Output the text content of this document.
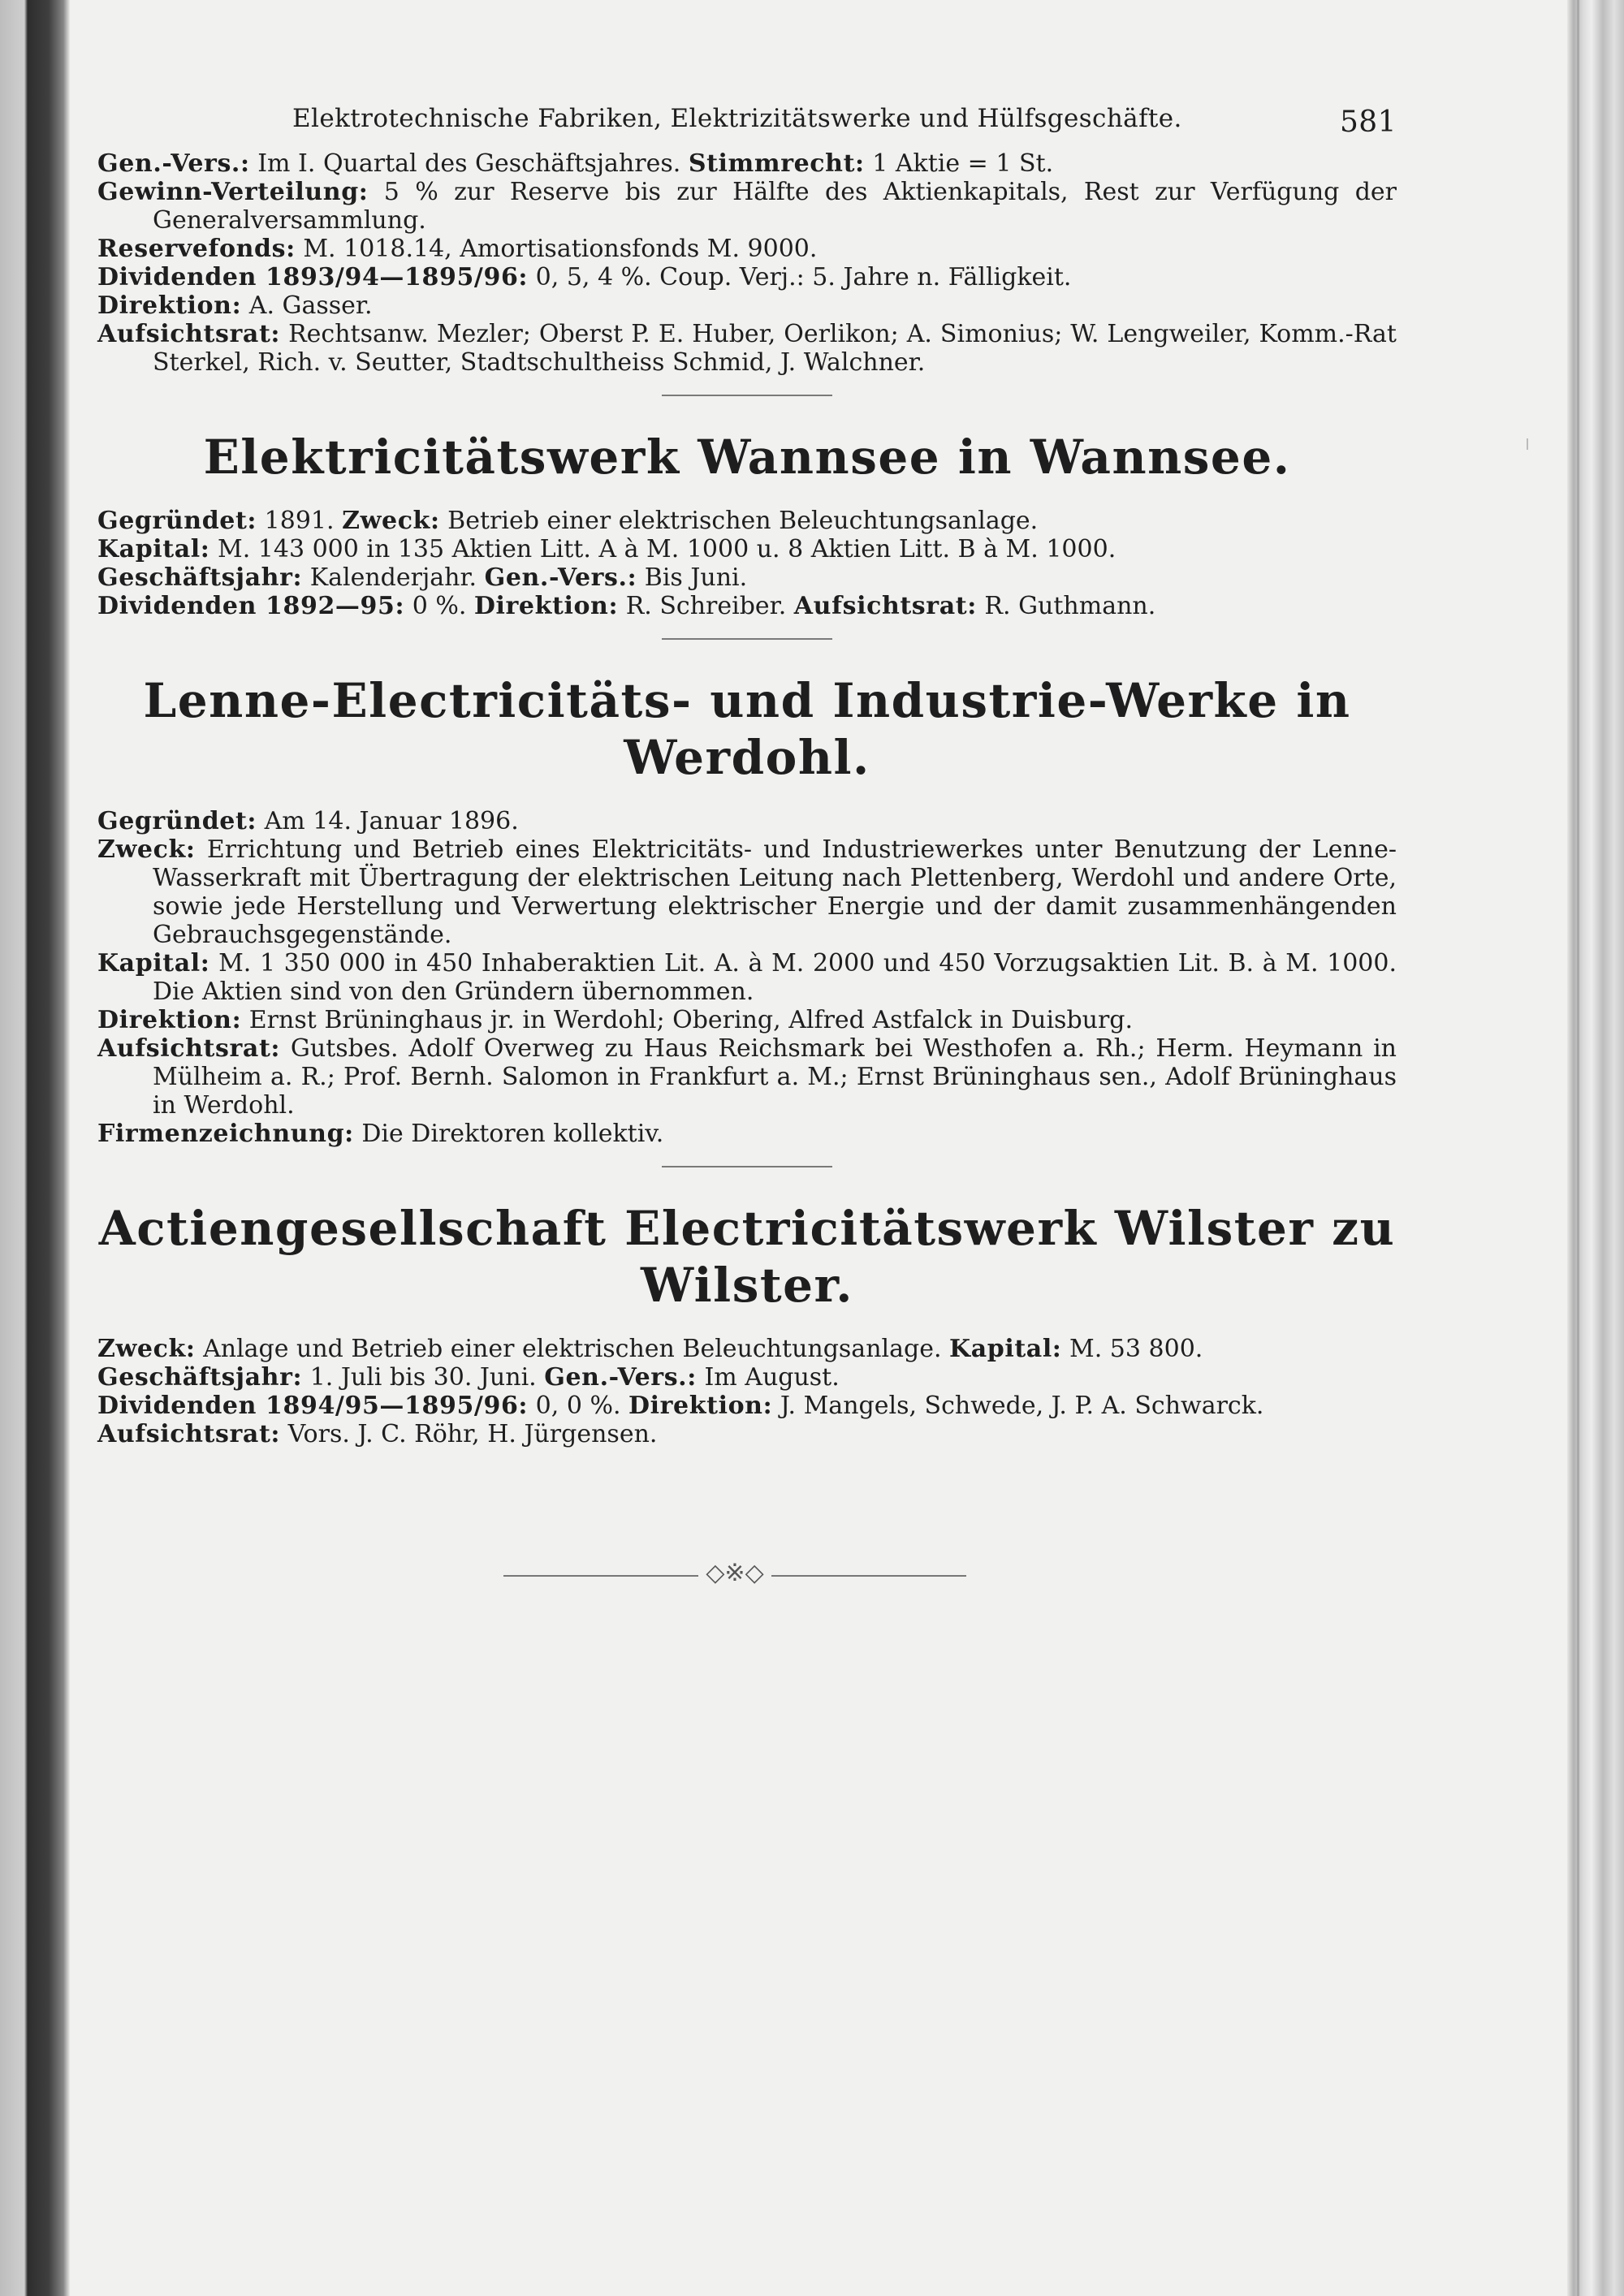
Elektrotechnische Fabriken, Elektrizitätswerke und Hülfsgeschäfte.	581
Gen.-Vers.: Im I. Quartal des Geschäftsjahres. Stimmrecht: 1 Aktie = 1 St.
Gewinn-Verteilung: 5 % zur Reserve bis zur Hälfte des Aktienkapitals, Rest zur Verfügung der Generalversammlung.
Reservefonds: M. 1018.14, Amortisationsfonds M. 9000.
Dividenden 1893/94—1895/96: 0, 5, 4 %. Coup. Verj.: 5. Jahre n. Fälligkeit.
Direktion: A. Gasser.
Aufsichtsrat: Rechtsanw. Mezler; Oberst P. E. Huber, Oerlikon; A. Simonius; W. Lengweiler, Komm.-Rat Sterkel, Rich. v. Seutter, Stadtschultheiss Schmid, J. Walchner.
Elektricitätswerk Wannsee in Wannsee.
Gegründet: 1891. Zweck: Betrieb einer elektrischen Beleuchtungsanlage.
Kapital: M. 143 000 in 135 Aktien Litt. A à M. 1000 u. 8 Aktien Litt. B à M. 1000.
Geschäftsjahr: Kalenderjahr. Gen.-Vers.: Bis Juni.
Dividenden 1892—95: 0 %. Direktion: R. Schreiber. Aufsichtsrat: R. Guthmann.
Lenne-Electricitäts- und Industrie-Werke in Werdohl.
Gegründet: Am 14. Januar 1896.
Zweck: Errichtung und Betrieb eines Elektricitäts- und Industriewerkes unter Benutzung der Lenne-Wasserkraft mit Übertragung der elektrischen Leitung nach Plettenberg, Werdohl und andere Orte, sowie jede Herstellung und Verwertung elektrischer Energie und der damit zusammenhängenden Gebrauchsgegenstände.
Kapital: M. 1 350 000 in 450 Inhaberaktien Lit. A. à M. 2000 und 450 Vorzugsaktien Lit. B. à M. 1000. Die Aktien sind von den Gründern übernommen.
Direktion: Ernst Brüninghaus jr. in Werdohl; Obering, Alfred Astfalck in Duisburg.
Aufsichtsrat: Gutsbes. Adolf Overweg zu Haus Reichsmark bei Westhofen a. Rh.; Herm. Heymann in Mülheim a. R.; Prof. Bernh. Salomon in Frankfurt a. M.; Ernst Brüninghaus sen., Adolf Brüninghaus in Werdohl.
Firmenzeichnung: Die Direktoren kollektiv.
Actiengesellschaft Electricitätswerk Wilster zu Wilster.
Zweck: Anlage und Betrieb einer elektrischen Beleuchtungsanlage. Kapital: M. 53 800.
Geschäftsjahr: 1. Juli bis 30. Juni. Gen.-Vers.: Im August.
Dividenden 1894/95—1895/96: 0, 0 %. Direktion: J. Mangels, Schwede, J. P. A. Schwarck.
Aufsichtsrat: Vors. J. C. Röhr, H. Jürgensen.
◇※◇
